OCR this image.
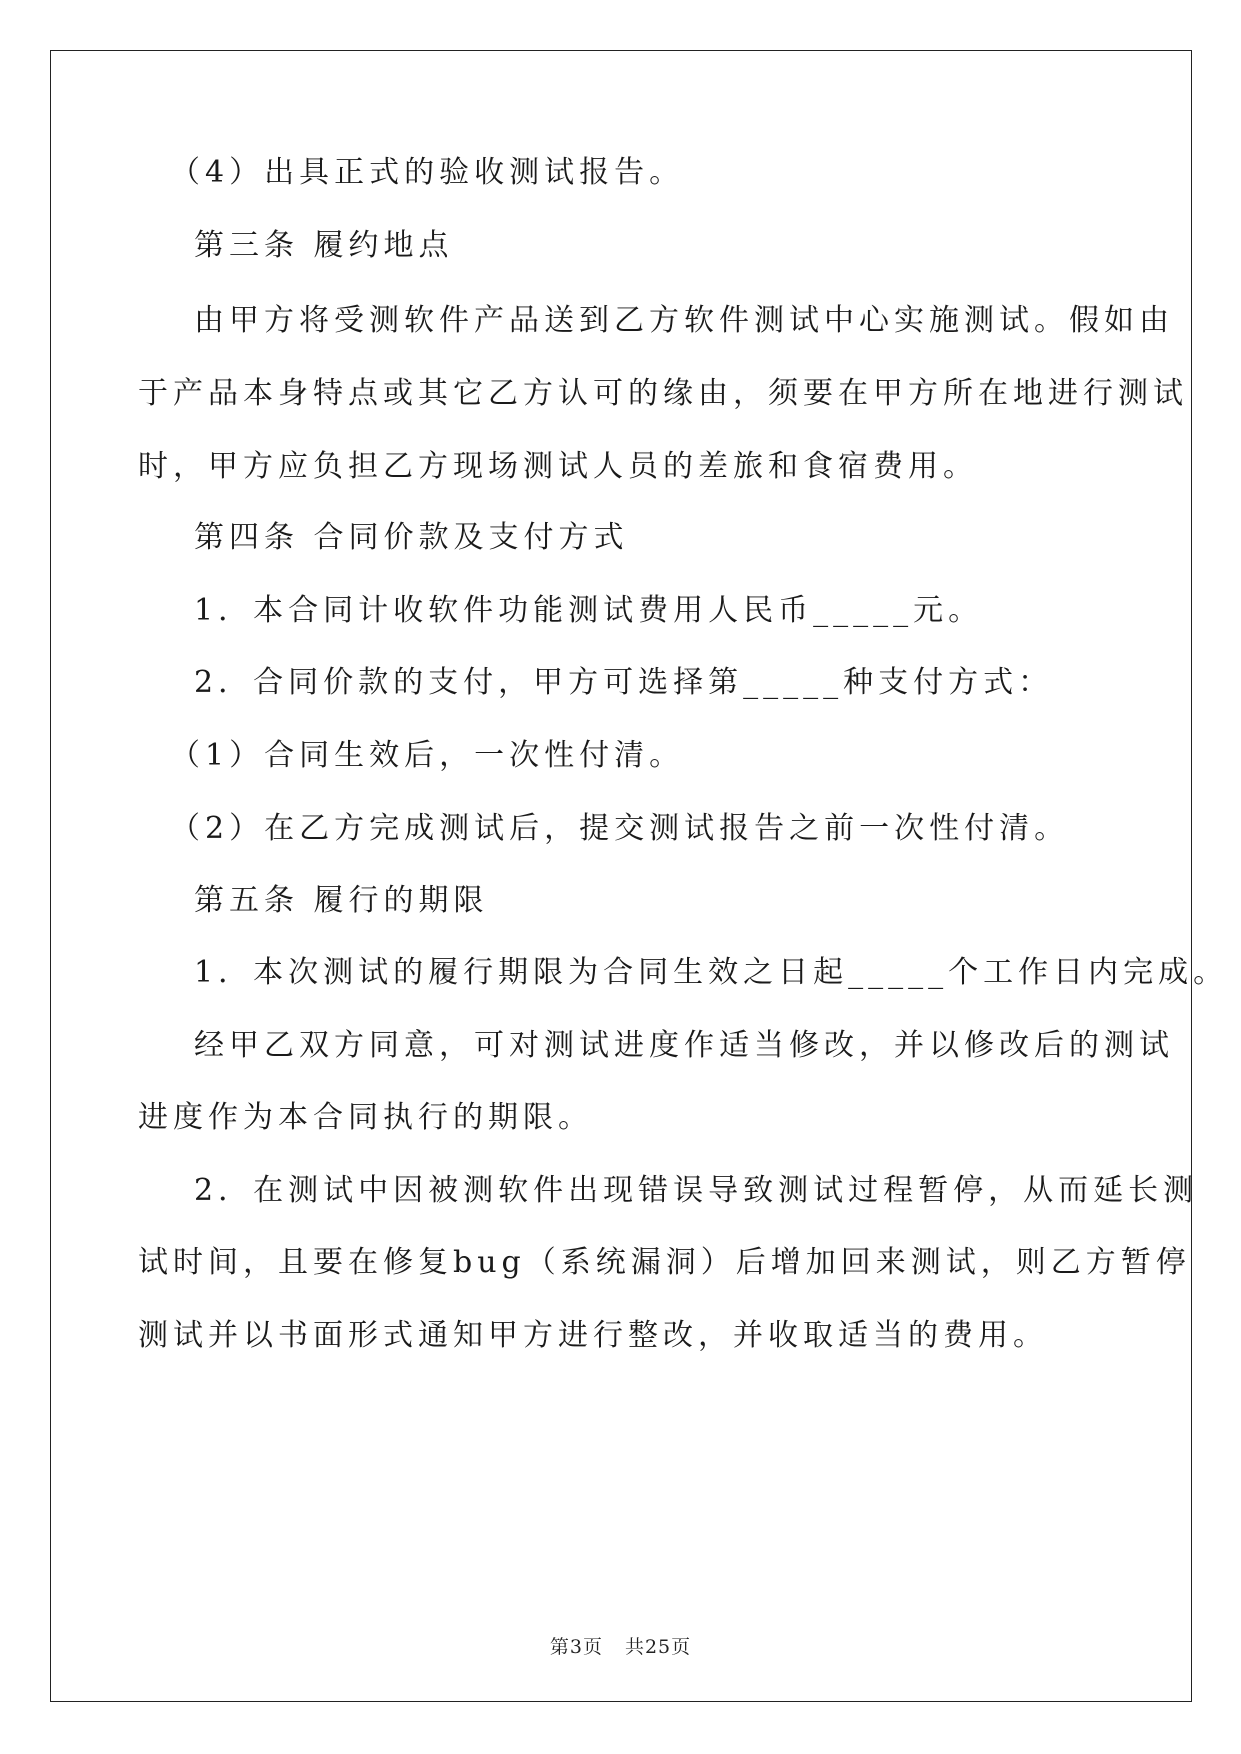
（4）出具正式的验收测试报告。
第三条 履约地点
由甲方将受测软件产品送到乙方软件测试中心实施测试。假如由
于产品本身特点或其它乙方认可的缘由，须要在甲方所在地进行测试
时，甲方应负担乙方现场测试人员的差旅和食宿费用。
第四条 合同价款及支付方式
1．本合同计收软件功能测试费用人民币_____元。
2．合同价款的支付，甲方可选择第_____种支付方式：
（1）合同生效后，一次性付清。
（2）在乙方完成测试后，提交测试报告之前一次性付清。
第五条 履行的期限
1．本次测试的履行期限为合同生效之日起_____个工作日内完成。
经甲乙双方同意，可对测试进度作适当修改，并以修改后的测试
进度作为本合同执行的期限。
2．在测试中因被测软件出现错误导致测试过程暂停，从而延长测
试时间，且要在修复bug（系统漏洞）后增加回来测试，则乙方暂停
测试并以书面形式通知甲方进行整改，并收取适当的费用。
第3页 共25页
